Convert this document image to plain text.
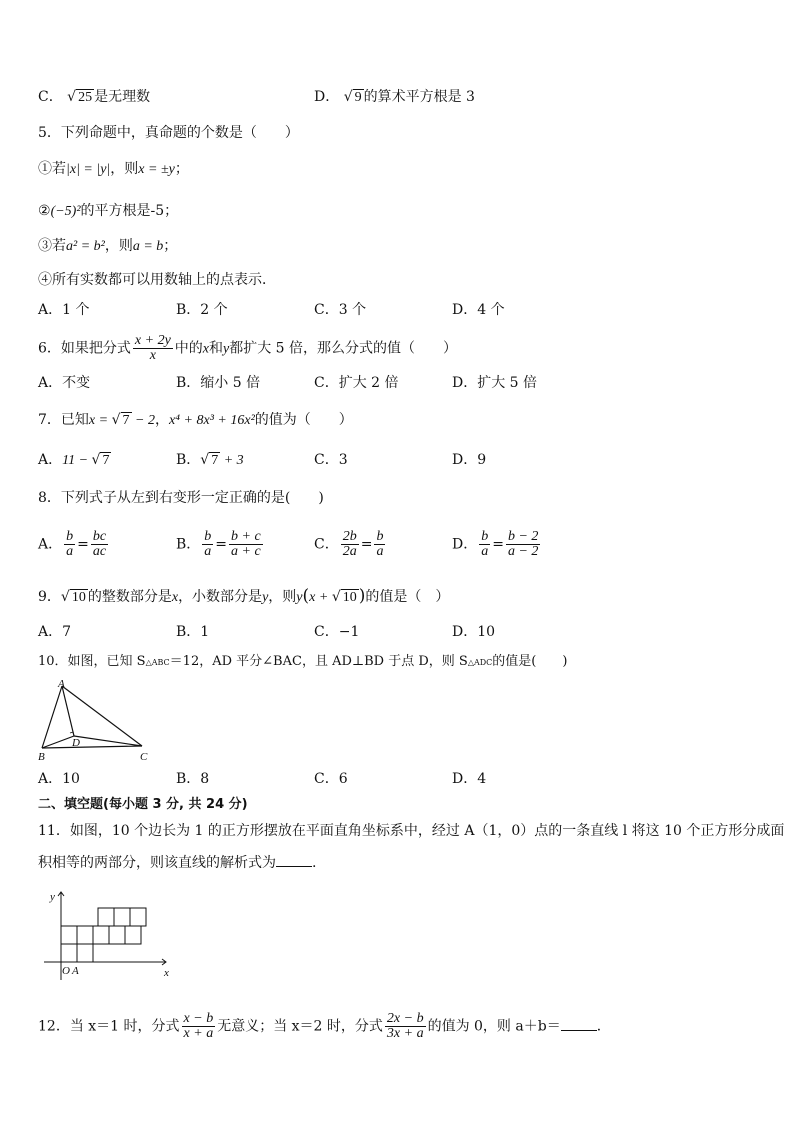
C． √ 25 是无理数	D． √ 9 的算术平方根是 3
5．下列命题中，真命题的个数是（　　）
①若|x| = |y|，则x = ±y；
②(−5)²的平方根是-5；
③若a² = b²，则a = b；
④所有实数都可以用数轴上的点表示．
A．1 个	B．2 个	C．3 个	D．4 个
6．如果把分式 $\frac{x + 2y}{x}$ 中的x和y都扩大 5 倍，那么分式的值（　　）
A．不变	B．缩小 5 倍	C．扩大 2 倍	D．扩大 5 倍
7．已知x = √ 7 − 2，x⁴ + 8x³ + 16x²的值为（　　）
A．11 − √ 7	B．√ 7 + 3	C．3	D．9
8．下列式子从左到右变形一定正确的是(　　)
A． $\frac{b}{a} = \frac{bc}{ac}$	B． $\frac{b}{a} = \frac{b + c}{a + c}$	C． $\frac{2b}{2a} = \frac{b}{a}$	D． $\frac{b}{a} = \frac{b - 2}{a - 2}$
9．√ 10 的整数部分是x，小数部分是y，则y(x + √ 10 )的值是（　）
A．7	B．1	C．−1	D．10
10．如图，已知 S△ABC＝12，AD 平分∠BAC，且 AD⊥BD 于点 D，则 S△ADC的值是(　　)
A
B	C
D
A．10	B．8	C．6	D．4
二、填空题(每小题 3 分, 共 24 分)
11．如图，10 个边长为 1 的正方形摆放在平面直角坐标系中，经过 A（1，0）点的一条直线 l 将这 10 个正方形分成面
积相等的两部分，则该直线的解析式为	.
y
x
O A
12．当 x＝1 时，分式 $\frac{x - b}{x + a}$ 无意义；当 x＝2 时，分式 $\frac{2x - b}{3x + a}$ 的值为 0，则 a＋b＝	．
